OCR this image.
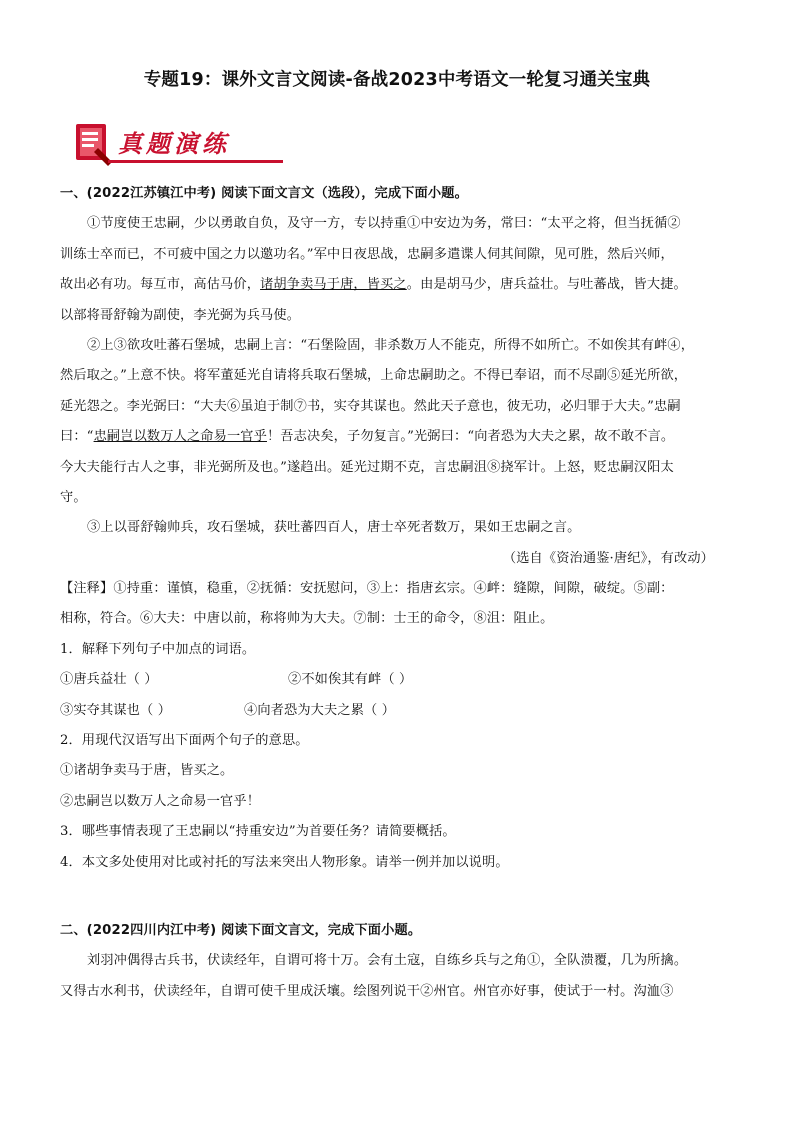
专题19：课外文言文阅读-备战2023中考语文一轮复习通关宝典
真题演练
一、(2022江苏镇江中考) 阅读下面文言文（选段），完成下面小题。
①节度使王忠嗣，少以勇敢自负，及守一方，专以持重①中安边为务，常曰：“太平之将，但当抚循②
训练士卒而已，不可疲中国之力以邀功名。”军中日夜思战，忠嗣多遣谍人伺其间隙，见可胜，然后兴师，
故出必有功。每互市，高估马价，诸胡争卖马于唐，皆买之。由是胡马少，唐兵益壮。与吐蕃战，皆大捷。
以部将哥舒翰为副使，李光弼为兵马使。
②上③欲攻吐蕃石堡城，忠嗣上言：“石堡险固，非杀数万人不能克，所得不如所亡。不如俟其有衅④，
然后取之。”上意不快。将军董延光自请将兵取石堡城，上命忠嗣助之。不得已奉诏，而不尽副⑤延光所欲，
延光怨之。李光弼曰：“大夫⑥虽迫于制⑦书，实夺其谋也。然此天子意也，彼无功，必归罪于大夫。”忠嗣
曰：“忠嗣岂以数万人之命易一官乎！吾志决矣，子勿复言。”光弼曰：“向者恐为大夫之累，故不敢不言。
今大夫能行古人之事，非光弼所及也。”遂趋出。延光过期不克，言忠嗣沮⑧挠军计。上怒，贬忠嗣汉阳太
守。
③上以哥舒翰帅兵，攻石堡城，获吐蕃四百人，唐士卒死者数万，果如王忠嗣之言。
（选自《资治通鉴·唐纪》，有改动）
【注释】①持重：谨慎，稳重，②抚循：安抚慰问，③上：指唐玄宗。④衅：缝隙，间隙，破绽。⑤副：
相称，符合。⑥大夫：中唐以前，称将帅为大夫。⑦制：士王的命令，⑧沮：阻止。
1．解释下列句子中加点的词语。
①唐兵益壮（ ）	②不如俟其有衅（ ）
③实夺其谋也（ ）	④向者恐为大夫之累（ ）
2．用现代汉语写出下面两个句子的意思。
①诸胡争卖马于唐，皆买之。
②忠嗣岂以数万人之命易一官乎！
3．哪些事情表现了王忠嗣以“持重安边”为首要任务？请简要概括。
4．本文多处使用对比或衬托的写法来突出人物形象。请举一例并加以说明。
二、(2022四川内江中考) 阅读下面文言文，完成下面小题。
刘羽冲偶得古兵书，伏读经年，自谓可将十万。会有土寇，自练乡兵与之角①，全队溃覆，几为所擒。
又得古水利书，伏读经年，自谓可使千里成沃壤。绘图列说干②州官。州官亦好事，使试于一村。沟洫③
